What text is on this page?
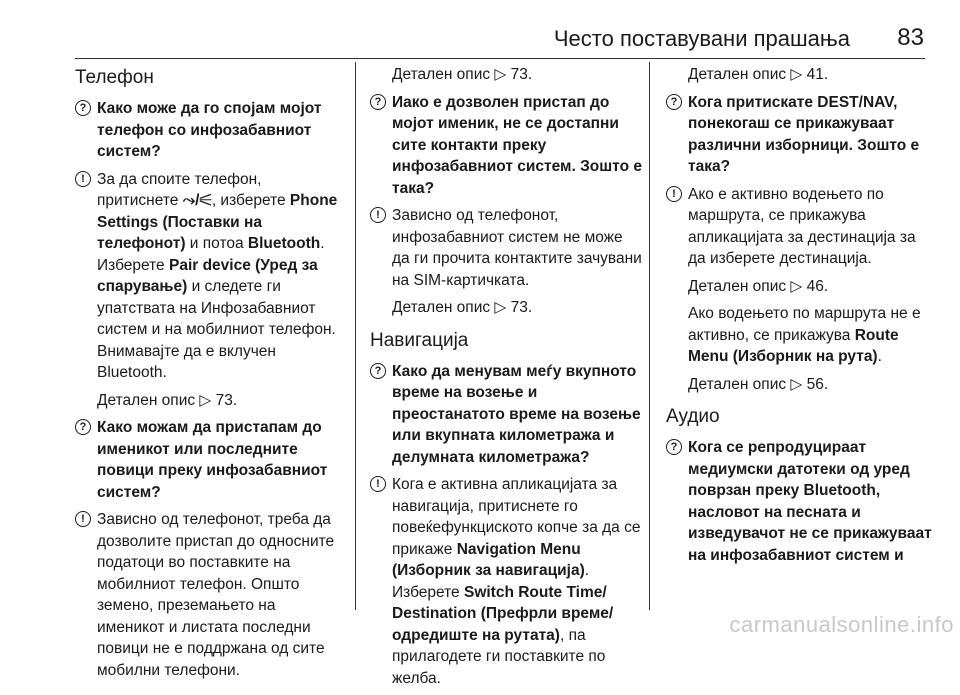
Често поставувани прашања 83
Телефон
? Како може да го спојам мојот телефон со инфозабавниот систем?
! За да споите телефон, притиснете ⤳/⚟, изберете Phone Settings (Поставки на телефонот) и потоа Bluetooth. Изберете Pair device (Уред за спарување) и следете ги упатствата на Инфозабавниот систем и на мобилниот телефон. Внимавајте да е вклучен Bluetooth.
Детален опис ▷ 73.
? Како можам да пристапам до именикот или последните повици преку инфозабавниот систем?
! Зависно од телефонот, треба да дозволите пристап до односните податоци во поставките на мобилниот телефон. Општо земено, преземањето на именикот и листата последни повици не е поддржана од сите мобилни телефони.
Детален опис ▷ 73.
? Иако е дозволен пристап до мојот именик, не се достапни сите контакти преку инфозабавниот систем. Зошто е така?
! Зависно од телефонот, инфозабавниот систем не може да ги прочита контактите зачувани на SIM-картичката.
Детален опис ▷ 73.
Навигација
? Како да менувам меѓу вкупното време на возење и преостанатото време на возење или вкупната километража и делумната километража?
! Кога е активна апликацијата за навигација, притиснете го повеќефункциското копче за да се прикаже Navigation Menu (Изборник за навигација). Изберете Switch Route Time/ Destination (Префрли време/ одредиште на рутата), па прилагодете ги поставките по желба.
Детален опис ▷ 41.
? Кога притискате DEST/NAV, понекогаш се прикажуваат различни изборници. Зошто е така?
! Ако е активно водењето по маршрута, се прикажува апликацијата за дестинација за да изберете дестинација.
Детален опис ▷ 46.
Ако водењето по маршрута не е активно, се прикажува Route Menu (Изборник на рута).
Детален опис ▷ 56.
Аудио
? Кога се репродуцираат медиумски датотеки од уред поврзан преку Bluetooth, насловот на песната и изведувачот не се прикажуваат на инфозабавниот систем и
carmanualsonline.info
